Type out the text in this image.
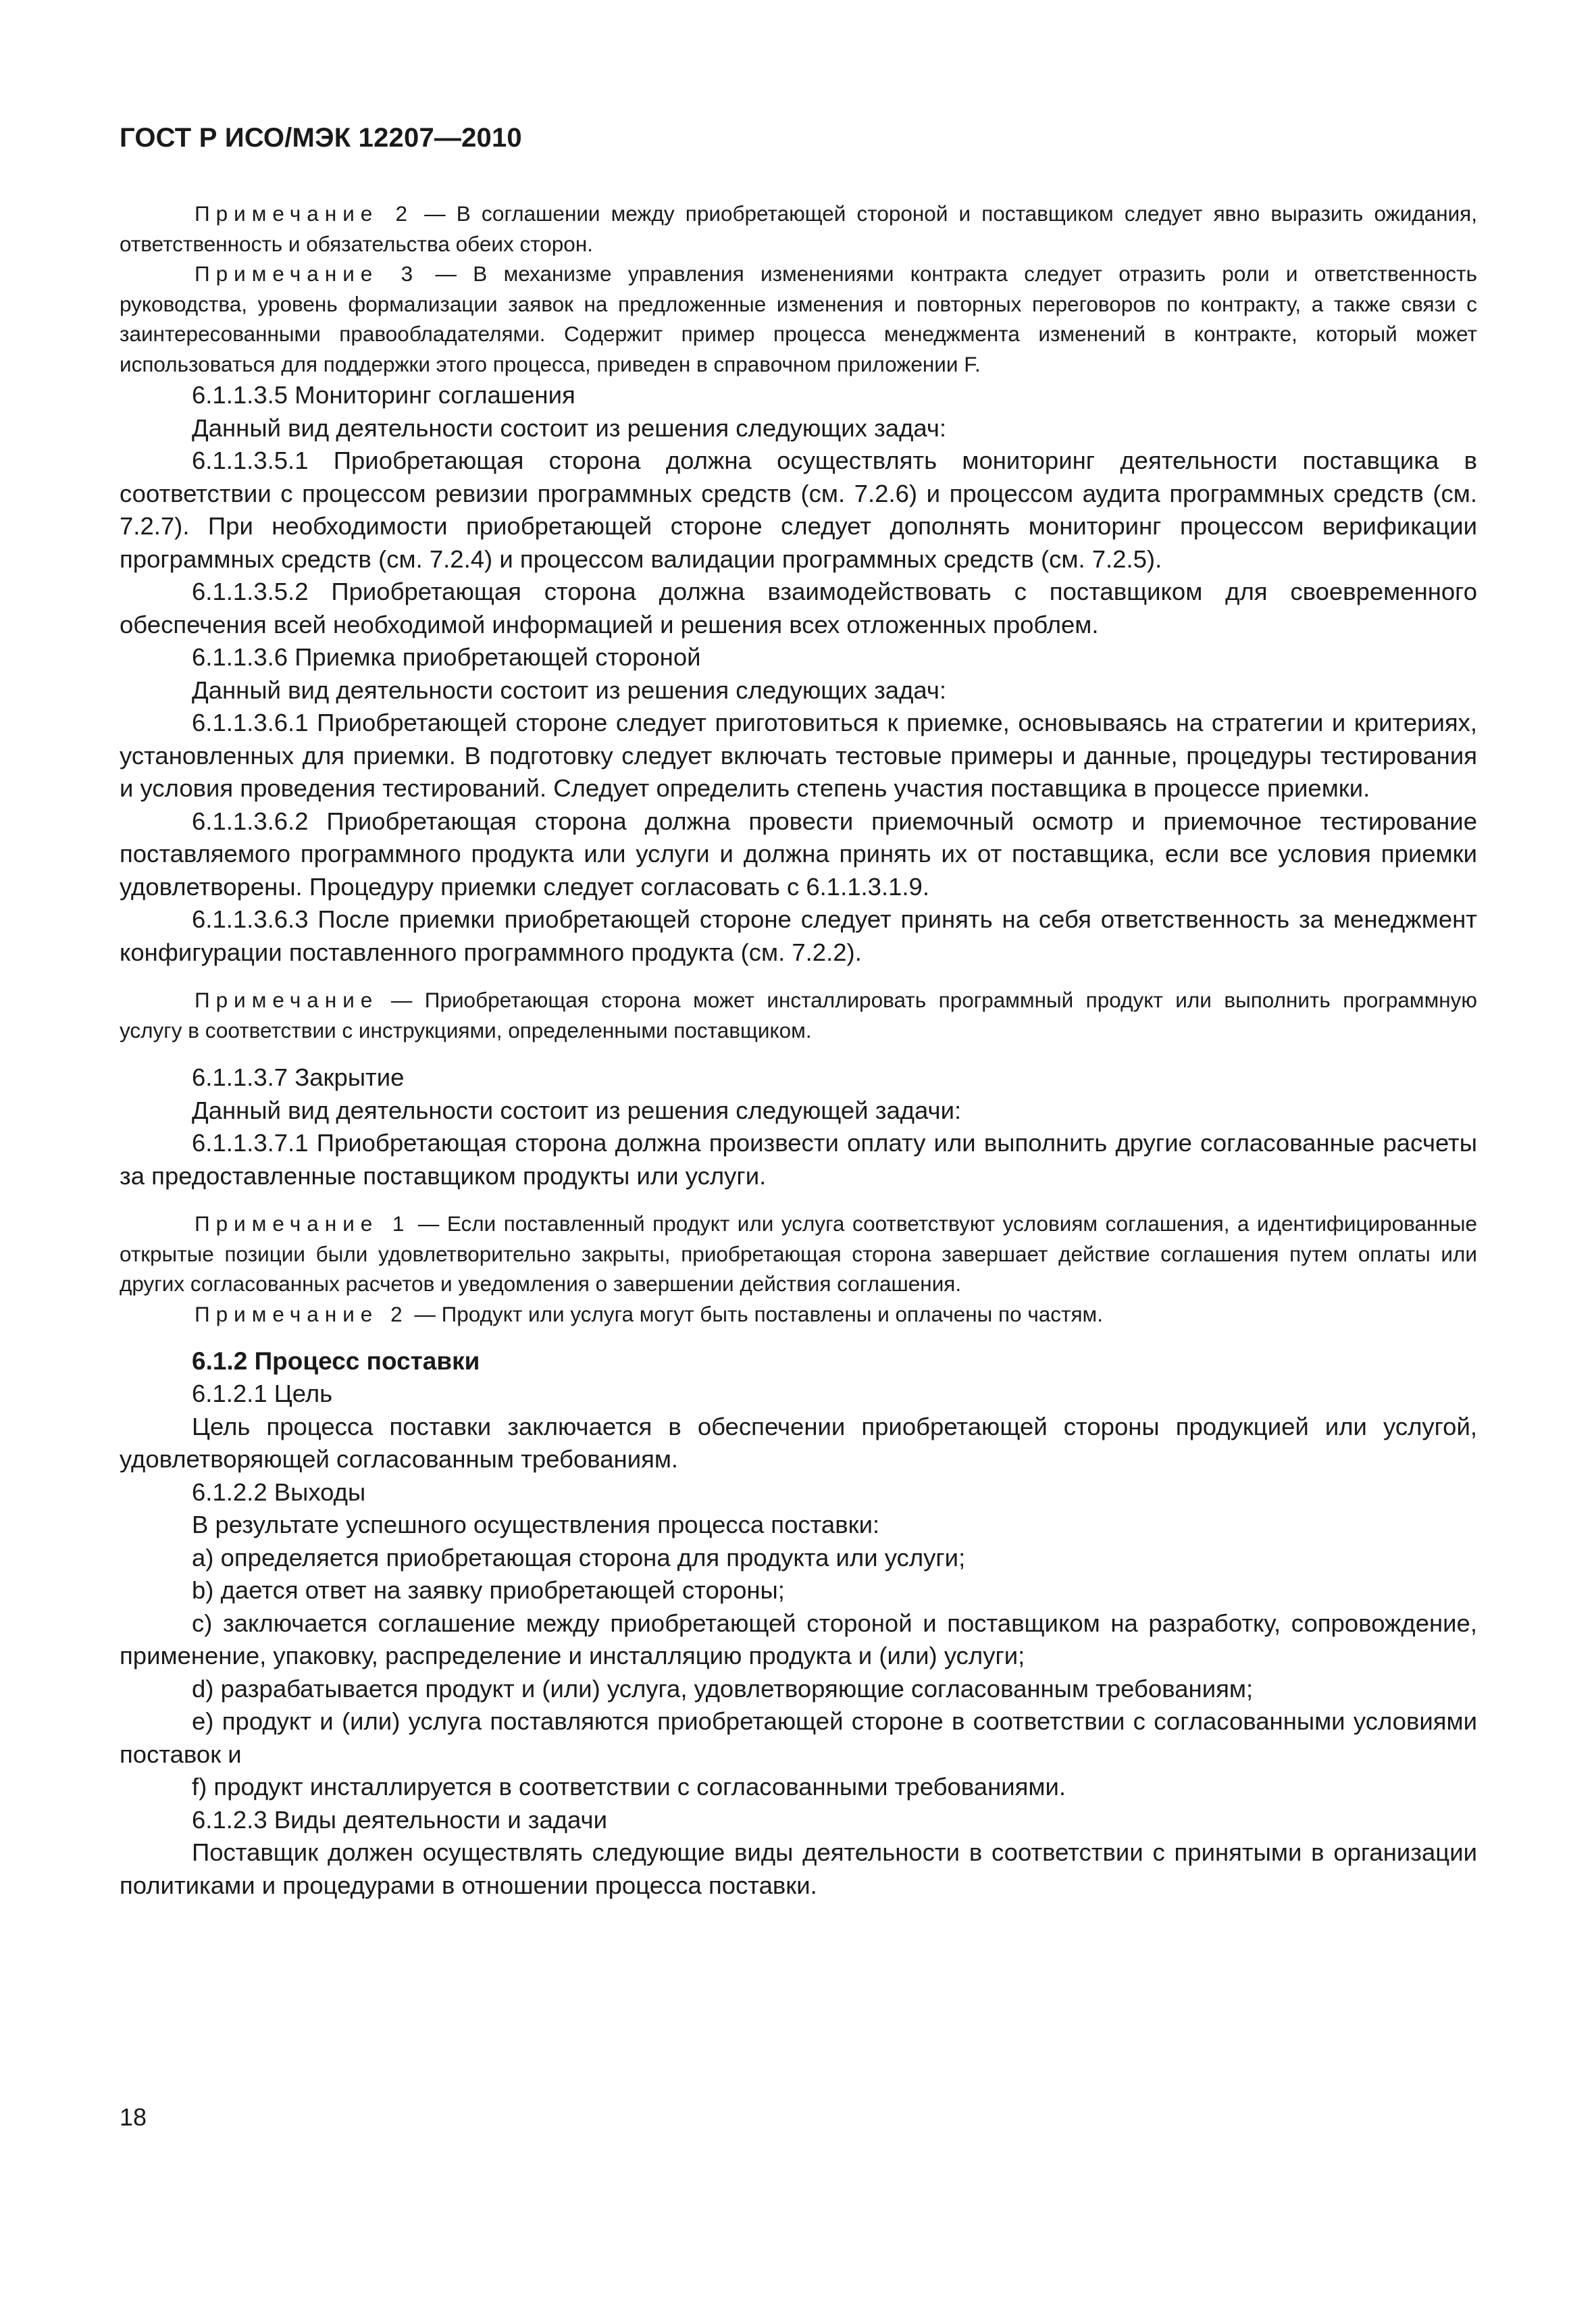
ГОСТ Р ИСО/МЭК 12207—2010

Примечание 2 — В соглашении между приобретающей стороной и поставщиком следует явно выразить ожидания, ответственность и обязательства обеих сторон.

Примечание 3 — В механизме управления изменениями контракта следует отразить роли и ответственность руководства, уровень формализации заявок на предложенные изменения и повторных переговоров по контракту, а также связи с заинтересованными правообладателями. Содержит пример процесса менеджмента изменений в контракте, который может использоваться для поддержки этого процесса, приведен в справочном приложении F.

6.1.1.3.5 Мониторинг соглашения

Данный вид деятельности состоит из решения следующих задач:

6.1.1.3.5.1 Приобретающая сторона должна осуществлять мониторинг деятельности поставщика в соответствии с процессом ревизии программных средств (см. 7.2.6) и процессом аудита программных средств (см. 7.2.7). При необходимости приобретающей стороне следует дополнять мониторинг процессом верификации программных средств (см. 7.2.4) и процессом валидации программных средств (см. 7.2.5).

6.1.1.3.5.2 Приобретающая сторона должна взаимодействовать с поставщиком для своевременного обеспечения всей необходимой информацией и решения всех отложенных проблем.

6.1.1.3.6 Приемка приобретающей стороной

Данный вид деятельности состоит из решения следующих задач:

6.1.1.3.6.1 Приобретающей стороне следует приготовиться к приемке, основываясь на стратегии и критериях, установленных для приемки. В подготовку следует включать тестовые примеры и данные, процедуры тестирования и условия проведения тестирований. Следует определить степень участия поставщика в процессе приемки.

6.1.1.3.6.2 Приобретающая сторона должна провести приемочный осмотр и приемочное тестирование поставляемого программного продукта или услуги и должна принять их от поставщика, если все условия приемки удовлетворены. Процедуру приемки следует согласовать с 6.1.1.3.1.9.

6.1.1.3.6.3 После приемки приобретающей стороне следует принять на себя ответственность за менеджмент конфигурации поставленного программного продукта (см. 7.2.2).

Примечание — Приобретающая сторона может инсталлировать программный продукт или выполнить программную услугу в соответствии с инструкциями, определенными поставщиком.

6.1.1.3.7 Закрытие

Данный вид деятельности состоит из решения следующей задачи:

6.1.1.3.7.1 Приобретающая сторона должна произвести оплату или выполнить другие согласованные расчеты за предоставленные поставщиком продукты или услуги.

Примечание 1 — Если поставленный продукт или услуга соответствуют условиям соглашения, а идентифицированные открытые позиции были удовлетворительно закрыты, приобретающая сторона завершает действие соглашения путем оплаты или других согласованных расчетов и уведомления о завершении действия соглашения.

Примечание 2 — Продукт или услуга могут быть поставлены и оплачены по частям.

6.1.2 Процесс поставки

6.1.2.1 Цель

Цель процесса поставки заключается в обеспечении приобретающей стороны продукцией или услугой, удовлетворяющей согласованным требованиям.

6.1.2.2 Выходы

В результате успешного осуществления процесса поставки:

a) определяется приобретающая сторона для продукта или услуги;

b) дается ответ на заявку приобретающей стороны;

c) заключается соглашение между приобретающей стороной и поставщиком на разработку, сопровождение, применение, упаковку, распределение и инсталляцию продукта и (или) услуги;

d) разрабатывается продукт и (или) услуга, удовлетворяющие согласованным требованиям;

e) продукт и (или) услуга поставляются приобретающей стороне в соответствии с согласованными условиями поставок и

f) продукт инсталлируется в соответствии с согласованными требованиями.

6.1.2.3 Виды деятельности и задачи

Поставщик должен осуществлять следующие виды деятельности в соответствии с принятыми в организации политиками и процедурами в отношении процесса поставки.

18
